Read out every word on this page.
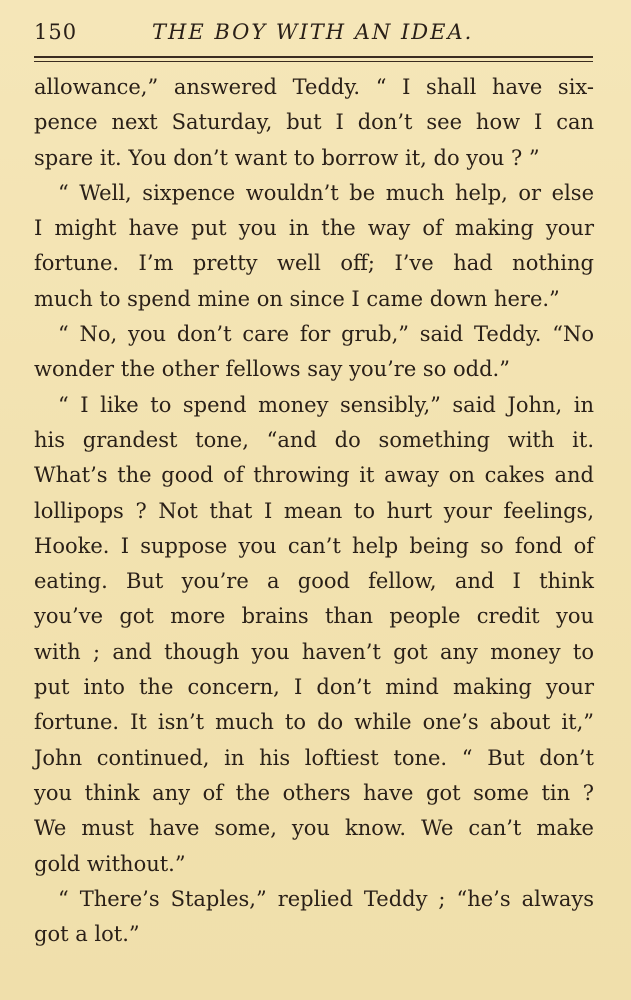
150	THE BOY WITH AN IDEA.
allowance,” answered Teddy. “ I shall have six-
pence next Saturday, but I don’t see how I can
spare it. You don’t want to borrow it, do you ? ”
“ Well, sixpence wouldn’t be much help, or else
I might have put you in the way of making your
fortune. I’m pretty well off; I’ve had nothing
much to spend mine on since I came down here.”
“ No, you don’t care for grub,” said Teddy. “No
wonder the other fellows say you’re so odd.”
“ I like to spend money sensibly,” said John, in
his grandest tone, “and do something with it.
What’s the good of throwing it away on cakes and
lollipops ? Not that I mean to hurt your feelings,
Hooke. I suppose you can’t help being so fond of
eating. But you’re a good fellow, and I think
you’ve got more brains than people credit you
with ; and though you haven’t got any money to
put into the concern, I don’t mind making your
fortune. It isn’t much to do while one’s about it,”
John continued, in his loftiest tone. “ But don’t
you think any of the others have got some tin ?
We must have some, you know. We can’t make
gold without.”
“ There’s Staples,” replied Teddy ; “he’s always
got a lot.”
